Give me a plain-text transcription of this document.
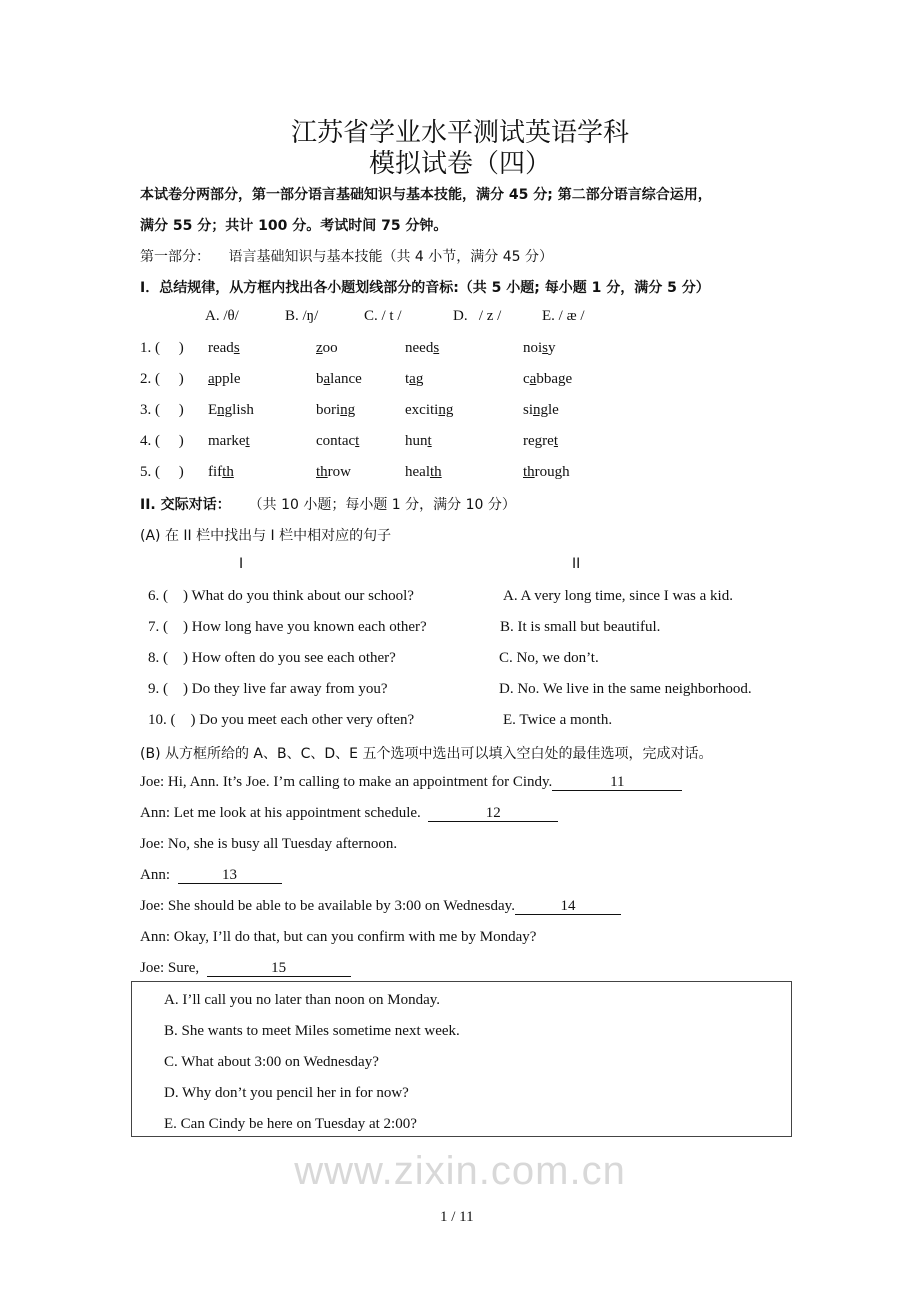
江苏省学业水平测试英语学科
模拟试卷（四）
本试卷分两部分，第一部分语言基础知识与基本技能，满分 45 分; 第二部分语言综合运用，
满分 55 分；共计 100 分。考试时间 75 分钟。
第一部分： 语言基础知识与基本技能（共 4 小节，满分 45 分）
I．总结规律，从方框内找出各小题划线部分的音标:（共 5 小题; 每小题 1 分，满分 5 分）
A. /θ/	B. /ŋ/	C. / t /	D.   / z /	E. / æ /
1. (     ) reads	zoo	needs	noisy
2. (     ) apple	balance	tag	cabbage
3. (     ) English	boring	exciting	single
4. (     ) market	contact	hunt	regret
5. (     ) fifth	throw	health	through
II. 交际对话： （共 10 小题；每小题 1 分，满分 10 分）
(A) 在 II 栏中找出与 I 栏中相对应的句子
I	II
6. (    ) What do you think about our school?	A. A very long time, since I was a kid.
7. (    ) How long have you known each other?	B. It is small but beautiful.
8. (    ) How often do you see each other?	C. No, we don’t.
9. (    ) Do they live far away from you?	D. No. We live in the same neighborhood.
10. (    ) Do you meet each other very often?	E. Twice a month.
(B) 从方框所给的 A、B、C、D、E 五个选项中选出可以填入空白处的最佳选项，完成对话。
Joe: Hi, Ann. It’s Joe. I’m calling to make an appointment for Cindy.	11
Ann: Let me look at his appointment schedule.	12
Joe: No, she is busy all Tuesday afternoon.
Ann:	13
Joe: She should be able to be available by 3:00 on Wednesday.	14
Ann: Okay, I’ll do that, but can you confirm with me by Monday?
Joe: Sure,	15
A. I’ll call you no later than noon on Monday.
B. She wants to meet Miles sometime next week.
C. What about 3:00 on Wednesday?
D. Why don’t you pencil her in for now?
E. Can Cindy be here on Tuesday at 2:00?
www.zixin.com.cn
1 / 11
